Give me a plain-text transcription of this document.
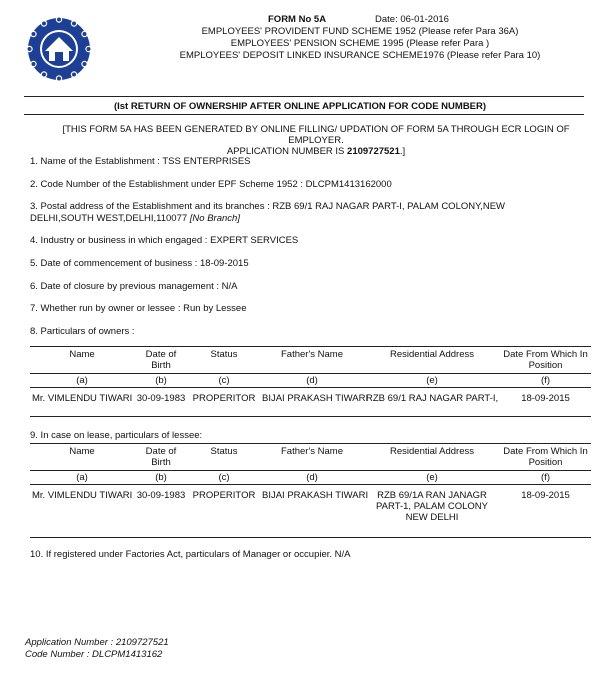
FORM No 5A	Date: 06-01-2016
EMPLOYEES' PROVIDENT FUND SCHEME 1952 (Please refer Para 36A)
EMPLOYEES' PENSION SCHEME 1995 (Please refer Para )
EMPLOYEES' DEPOSIT LINKED INSURANCE SCHEME1976 (Please refer Para 10)
(Ist RETURN OF OWNERSHIP AFTER ONLINE APPLICATION FOR CODE NUMBER)
[THIS FORM 5A HAS BEEN GENERATED BY ONLINE FILLING/ UPDATION OF FORM 5A THROUGH ECR LOGIN OF EMPLOYER.
APPLICATION NUMBER IS 2109727521.]
1. Name of the Establishment : TSS ENTERPRISES
2. Code Number of the Establishment under EPF Scheme 1952 : DLCPM1413162000
3. Postal address of the Establishment and its branches : RZB 69/1 RAJ NAGAR PART-I, PALAM COLONY,NEW DELHI,SOUTH WEST,DELHI,110077 [No Branch]
4. Industry or business in which engaged : EXPERT SERVICES
5. Date of commencement of business : 18-09-2015
6. Date of closure by previous management : N/A
7. Whether run by owner or lessee : Run by Lessee
8. Particulars of owners :
Name	Date of Birth	Status	Father's Name	Residential Address	Date From Which In Position
(a)	(b)	(c)	(d)	(e)	(f)
Mr. VIMLENDU TIWARI	30-09-1983	PROPERITOR	BIJAI PRAKASH TIWARI	RZB 69/1 RAJ NAGAR PART-I,	18-09-2015
9. In case on lease, particulars of lessee:
Name	Date of Birth	Status	Father's Name	Residential Address	Date From Which In Position
(a)	(b)	(c)	(d)	(e)	(f)
Mr. VIMLENDU TIWARI	30-09-1983	PROPERITOR	BIJAI PRAKASH TIWARI	RZB 69/1A RAN JANAGR PART-1, PALAM COLONY NEW DELHI	18-09-2015
10. If registered under Factories Act, particulars of Manager or occupier. N/A
Application Number : 2109727521
Code Number : DLCPM1413162
